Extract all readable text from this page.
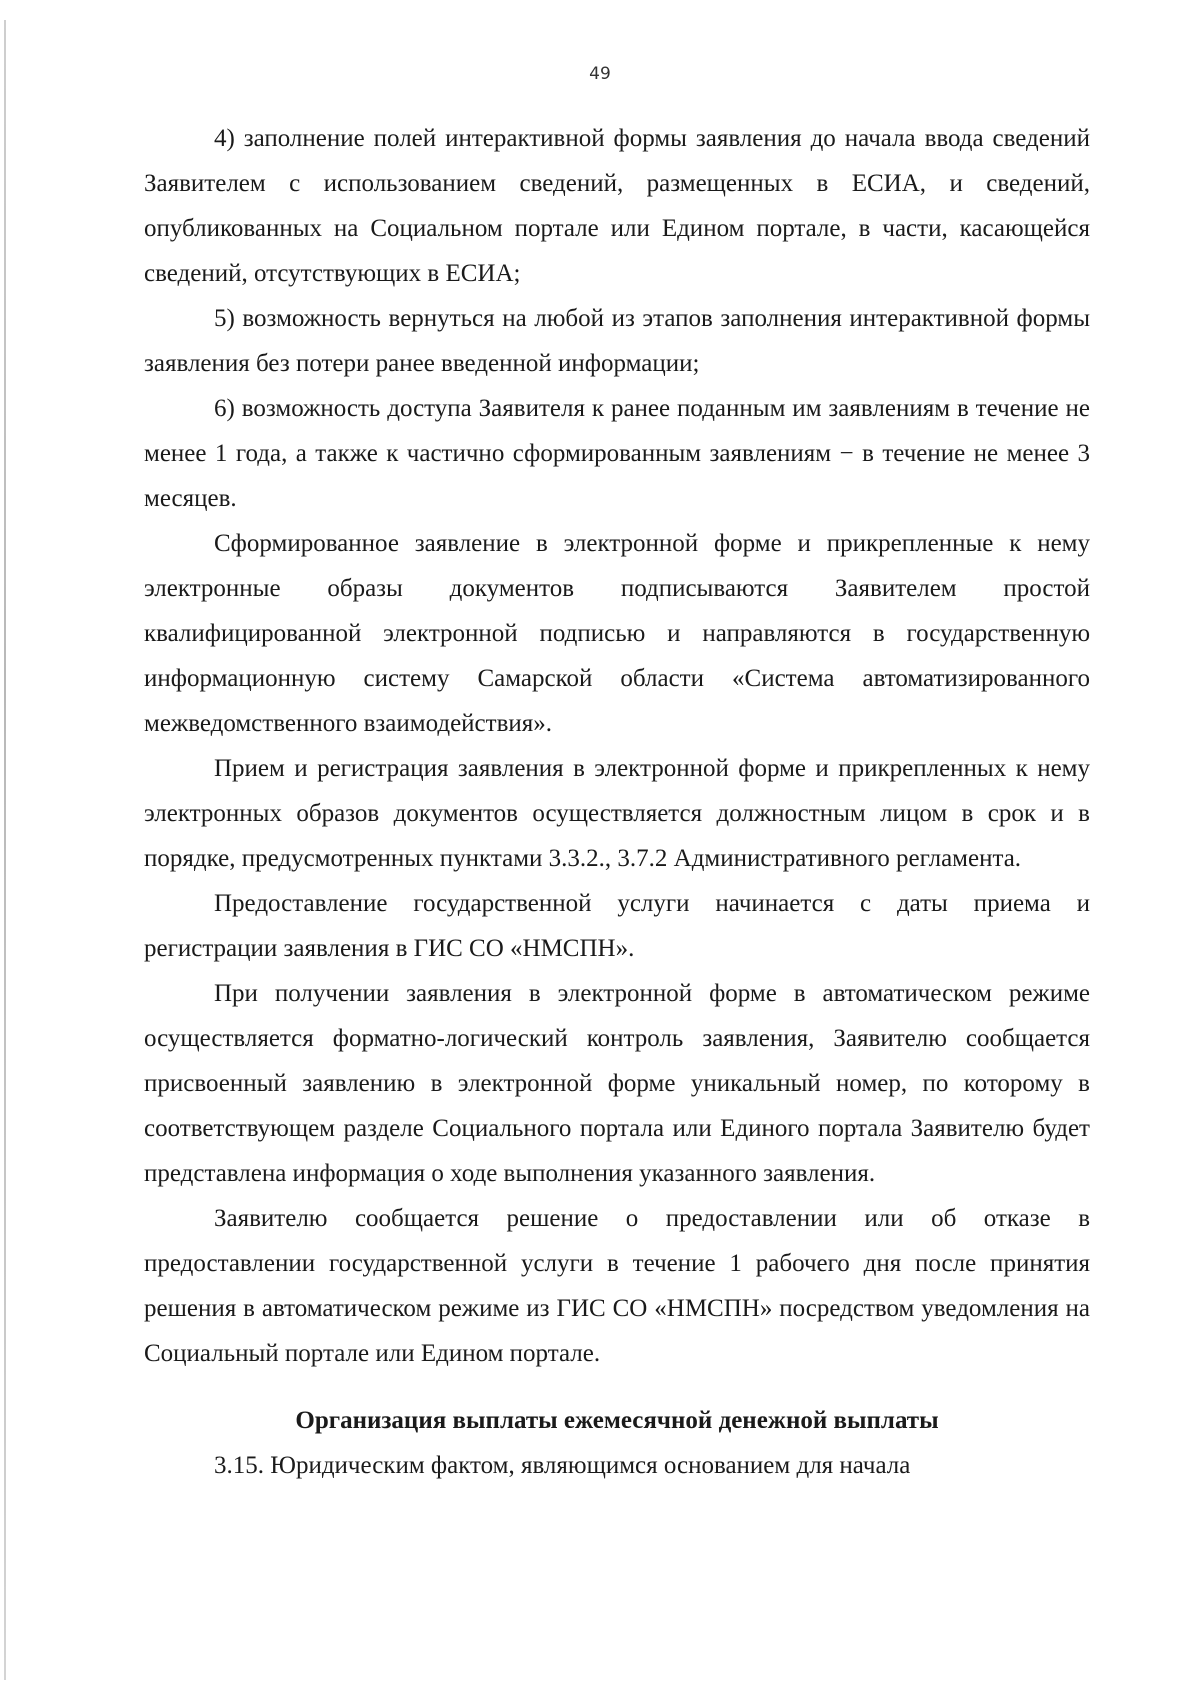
49

4) заполнение полей интерактивной формы заявления до начала ввода сведений Заявителем с использованием сведений, размещенных в ЕСИА, и сведений, опубликованных на Социальном портале или Едином портале, в части, касающейся сведений, отсутствующих в ЕСИА;

5) возможность вернуться на любой из этапов заполнения интерактивной формы заявления без потери ранее введенной информации;

6) возможность доступа Заявителя к ранее поданным им заявлениям в течение не менее 1 года, а также к частично сформированным заявлениям − в течение не менее 3 месяцев.

Сформированное заявление в электронной форме и прикрепленные к нему электронные образы документов подписываются Заявителем простой квалифицированной электронной подписью и направляются в государственную информационную систему Самарской области «Система автоматизированного межведомственного взаимодействия».

Прием и регистрация заявления в электронной форме и прикрепленных к нему электронных образов документов осуществляется должностным лицом в срок и в порядке, предусмотренных пунктами 3.3.2., 3.7.2 Административного регламента.

Предоставление государственной услуги начинается с даты приема и регистрации заявления в ГИС СО «НМСПН».

При получении заявления в электронной форме в автоматическом режиме осуществляется форматно-логический контроль заявления, Заявителю сообщается присвоенный заявлению в электронной форме уникальный номер, по которому в соответствующем разделе Социального портала или Единого портала Заявителю будет представлена информация о ходе выполнения указанного заявления.

Заявителю сообщается решение о предоставлении или об отказе в предоставлении государственной услуги в течение 1 рабочего дня после принятия решения в автоматическом режиме из ГИС СО «НМСПН» посредством уведомления на Социальный портале или Едином портале.

Организация выплаты ежемесячной денежной выплаты

3.15. Юридическим фактом, являющимся основанием для начала
